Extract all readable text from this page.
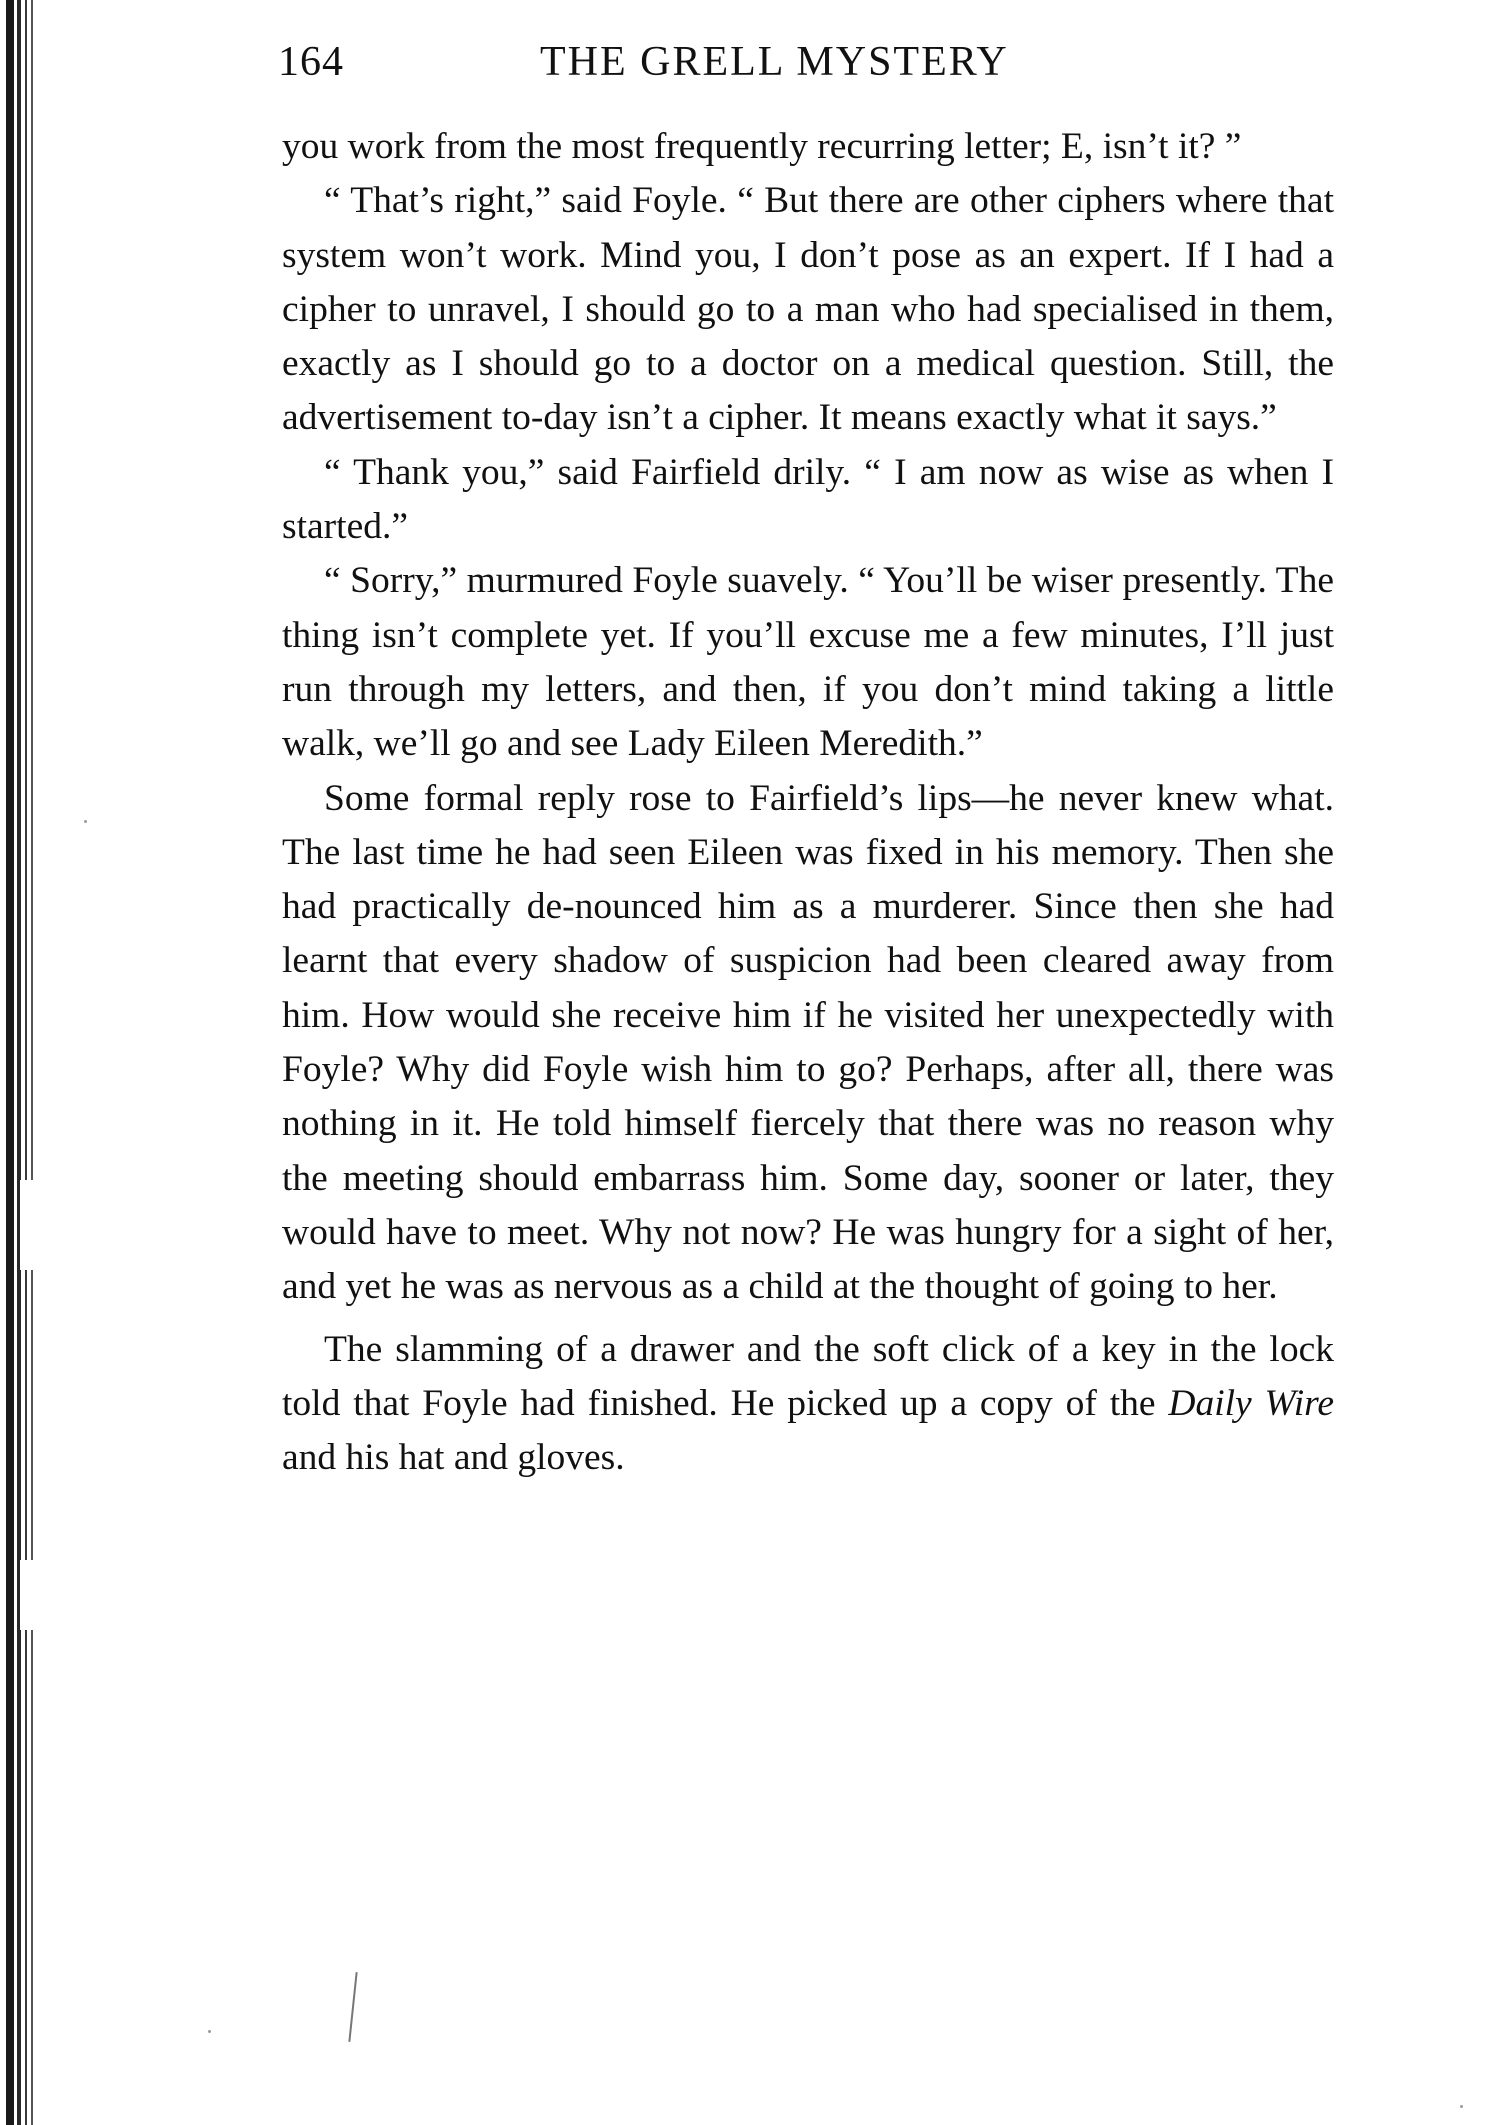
164	THE GRELL MYSTERY

you work from the most frequently recurring letter; E, isn’t it? ”

“ That’s right,” said Foyle. “ But there are other ciphers where that system won’t work. Mind you, I don’t pose as an expert. If I had a cipher to unravel, I should go to a man who had specialised in them, exactly as I should go to a doctor on a medical question. Still, the advertisement to-day isn’t a cipher. It means exactly what it says.”

“ Thank you,” said Fairfield drily. “ I am now as wise as when I started.”

“ Sorry,” murmured Foyle suavely. “ You’ll be wiser presently. The thing isn’t complete yet. If you’ll excuse me a few minutes, I’ll just run through my letters, and then, if you don’t mind taking a little walk, we’ll go and see Lady Eileen Meredith.”

Some formal reply rose to Fairfield’s lips—he never knew what. The last time he had seen Eileen was fixed in his memory. Then she had practically de-nounced him as a murderer. Since then she had learnt that every shadow of suspicion had been cleared away from him. How would she receive him if he visited her unexpectedly with Foyle? Why did Foyle wish him to go? Perhaps, after all, there was nothing in it. He told himself fiercely that there was no reason why the meeting should embarrass him. Some day, sooner or later, they would have to meet. Why not now? He was hungry for a sight of her, and yet he was as nervous as a child at the thought of going to her.

The slamming of a drawer and the soft click of a key in the lock told that Foyle had finished. He picked up a copy of the Daily Wire and his hat and gloves.
